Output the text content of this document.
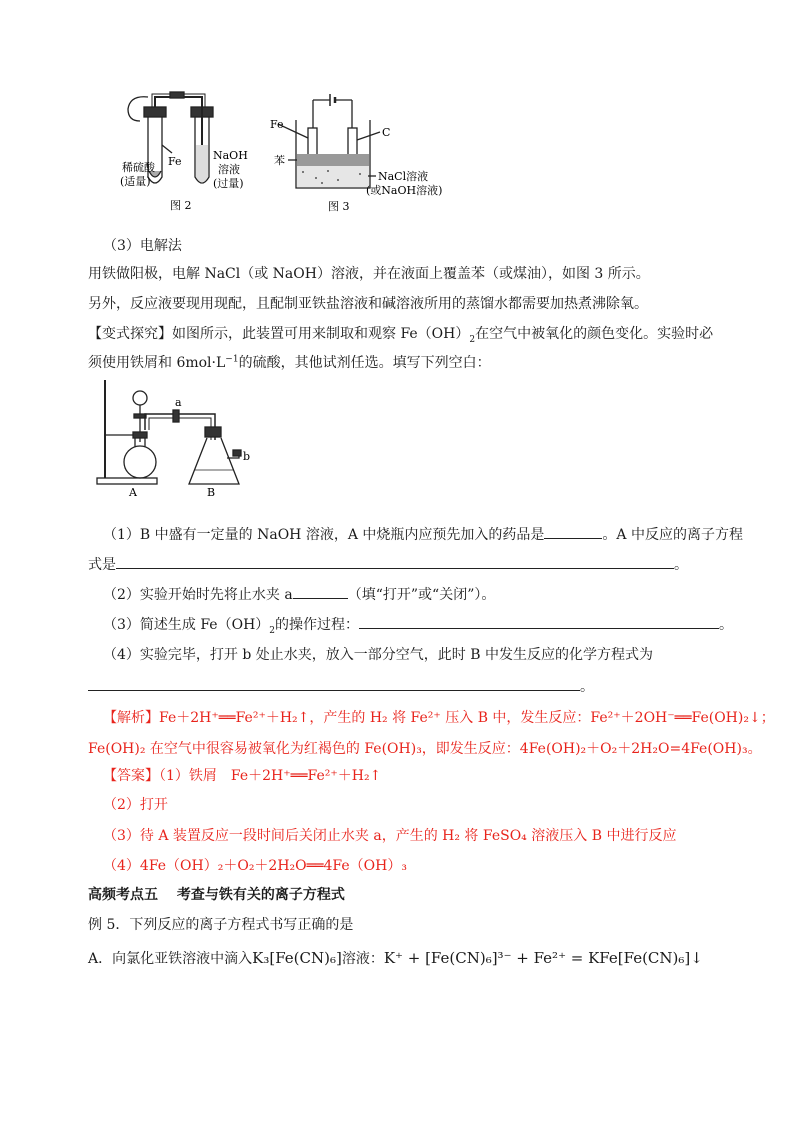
稀硫酸
(适量)
Fe	NaOH
溶液
(过量)
图 2
Fe
C
苯
NaCl溶液
(或NaOH溶液)
图 3
（3）电解法
用铁做阳极，电解 NaCl（或 NaOH）溶液，并在液面上覆盖苯（或煤油），如图 3 所示。
另外，反应液要现用现配，且配制亚铁盐溶液和碱溶液所用的蒸馏水都需要加热煮沸除氧。
【变式探究】如图所示，此装置可用来制取和观察 $Fe(OH)_2$在空气中被氧化的颜色变化。实验时必
须使用铁屑和 $6mol\cdot L^{-1}$的硫酸，其他试剂任选。填写下列空白：
a
b
A	B
（1）B 中盛有一定量的 NaOH 溶液，A 中烧瓶内应预先加入的药品是	。A 中反应的离子方程
式是	。
（2）实验开始时先将止水夹 a	（填“打开”或“关闭”）。
（3）简述生成 $Fe(OH)_2$的操作过程：	。
（4）实验完毕，打开 b 处止水夹，放入一部分空气，此时 B 中发生反应的化学方程式为
。
【解析】Fe＋2H⁺══Fe²⁺＋H₂↑，产生的 H₂ 将 Fe²⁺ 压入 B 中，发生反应：Fe²⁺＋2OH⁻══Fe(OH)₂↓；
Fe(OH)₂ 在空气中很容易被氧化为红褐色的 Fe(OH)₃，即发生反应：4Fe(OH)₂＋O₂＋2H₂O=4Fe(OH)₃。
【答案】（1）铁屑　Fe＋2H⁺══Fe²⁺＋H₂↑
（2）打开
（3）待 A 装置反应一段时间后关闭止水夹 a，产生的 H₂ 将 FeSO₄ 溶液压入 B 中进行反应
（4）4Fe（OH）₂＋O₂＋2H₂O══4Fe（OH）₃
高频考点五　 考查与铁有关的离子方程式
例 5．下列反应的离子方程式书写正确的是
A．向氯化亚铁溶液中滴入K₃[Fe(CN)₆]溶液：K⁺ + [Fe(CN)₆]³⁻ + Fe²⁺ = KFe[Fe(CN)₆]↓
